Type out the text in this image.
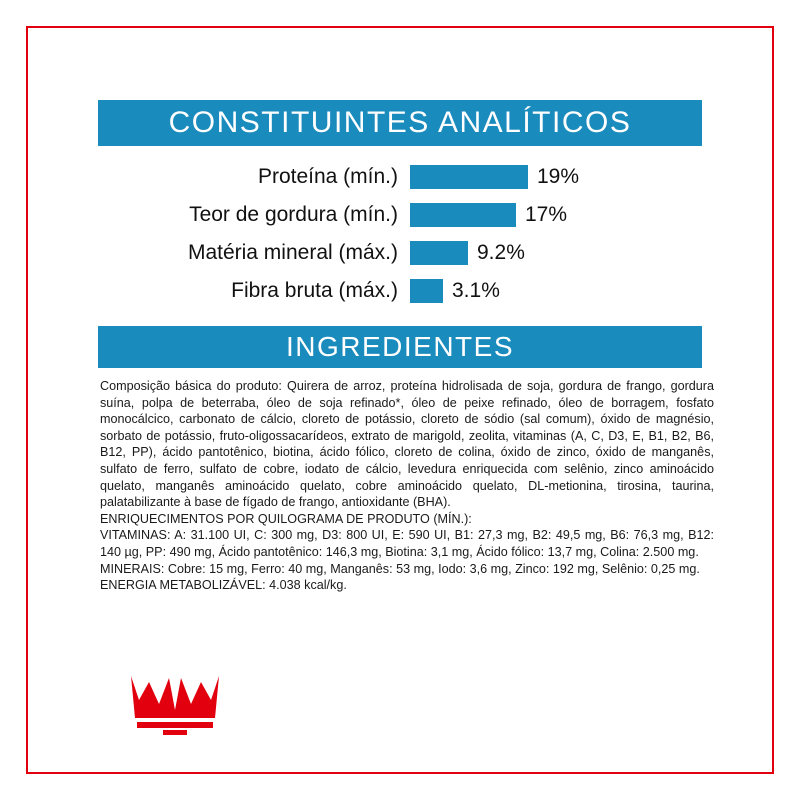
CONSTITUINTES ANALÍTICOS
Proteína (mín.)	19%
Teor de gordura (mín.)	17%
Matéria mineral (máx.)	9.2%
Fibra bruta (máx.)	3.1%
INGREDIENTES

Composição básica do produto: Quirera de arroz, proteína hidrolisada de soja, gordura de frango, gordura suína, polpa de beterraba, óleo de soja refinado*, óleo de peixe refinado, óleo de borragem, fosfato monocálcico, carbonato de cálcio, cloreto de potássio, cloreto de sódio (sal comum), óxido de magnésio, sorbato de potássio, fruto-oligossacarídeos, extrato de marigold, zeolita, vitaminas (A, C, D3, E, B1, B2, B6, B12, PP), ácido pantotênico, biotina, ácido fólico, cloreto de colina, óxido de zinco, óxido de manganês, sulfato de ferro, sulfato de cobre, iodato de cálcio, levedura enriquecida com selênio, zinco aminoácido quelato, manganês aminoácido quelato, cobre aminoácido quelato, DL-metionina, tirosina, taurina, palatabilizante à base de fígado de frango, antioxidante (BHA).

ENRIQUECIMENTOS POR QUILOGRAMA DE PRODUTO (MÍN.):

VITAMINAS: A: 31.100 UI, C: 300 mg, D3: 800 UI, E: 590 UI, B1: 27,3 mg, B2: 49,5 mg, B6: 76,3 mg, B12: 140 µg, PP: 490 mg, Ácido pantotênico: 146,3 mg, Biotina: 3,1 mg, Ácido fólico: 13,7 mg, Colina: 2.500 mg.

MINERAIS: Cobre: 15 mg, Ferro: 40 mg, Manganês: 53 mg, Iodo: 3,6 mg, Zinco: 192 mg, Selênio: 0,25 mg.

ENERGIA METABOLIZÁVEL: 4.038 kcal/kg.
